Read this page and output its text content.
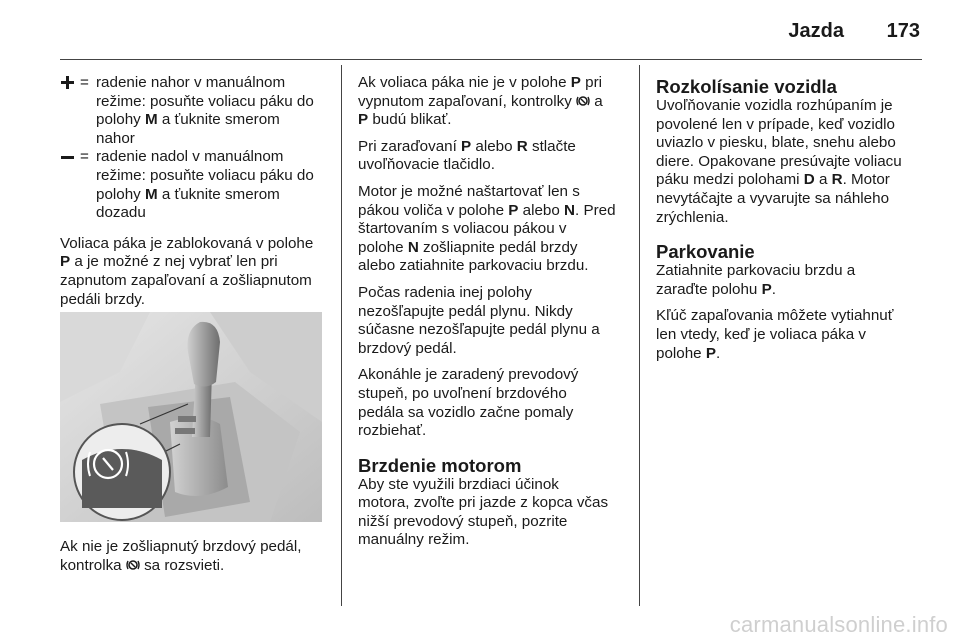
Jazda 173
= radenie nahor v manuálnom
režime: posuňte voliacu páku do
polohy M a ťuknite smerom
nahor
= radenie nadol v manuálnom
režime: posuňte voliacu páku do
polohy M a ťuknite smerom
dozadu

Voliaca páka je zablokovaná v polohe
P a je možné z nej vybrať len pri
zapnutom zapaľovaní a zošliapnutom
pedáli brzdy.

Ak nie je zošliapnutý brzdový pedál,
kontrolka  sa rozsvieti.

Ak voliaca páka nie je v polohe P pri
vypnutom zapaľovaní, kontrolky  a
P budú blikať.

Pri zaraďovaní P alebo R stlačte
uvoľňovacie tlačidlo.

Motor je možné naštartovať len s
pákou voliča v polohe P alebo N. Pred
štartovaním s voliacou pákou v
polohe N zošliapnite pedál brzdy
alebo zatiahnite parkovaciu brzdu.

Počas radenia inej polohy
nezošľapujte pedál plynu. Nikdy
súčasne nezošľapujte pedál plynu a
brzdový pedál.

Akonáhle je zaradený prevodový
stupeň, po uvoľnení brzdového
pedála sa vozidlo začne pomaly
rozbiehať.

Brzdenie motorom

Aby ste využili brzdiaci účinok
motora, zvoľte pri jazde z kopca včas
nižší prevodový stupeň, pozrite
manuálny režim.

Rozkolísanie vozidla

Uvoľňovanie vozidla rozhúpaním je
povolené len v prípade, keď vozidlo
uviazlo v piesku, blate, snehu alebo
diere. Opakovane presúvajte voliacu
páku medzi polohami D a R. Motor
nevytáčajte a vyvarujte sa náhleho
zrýchlenia.

Parkovanie

Zatiahnite parkovaciu brzdu a
zaraďte polohu P.

Kľúč zapaľovania môžete vytiahnuť
len vtedy, keď je voliaca páka v
polohe P.

carmanualsonline.info
